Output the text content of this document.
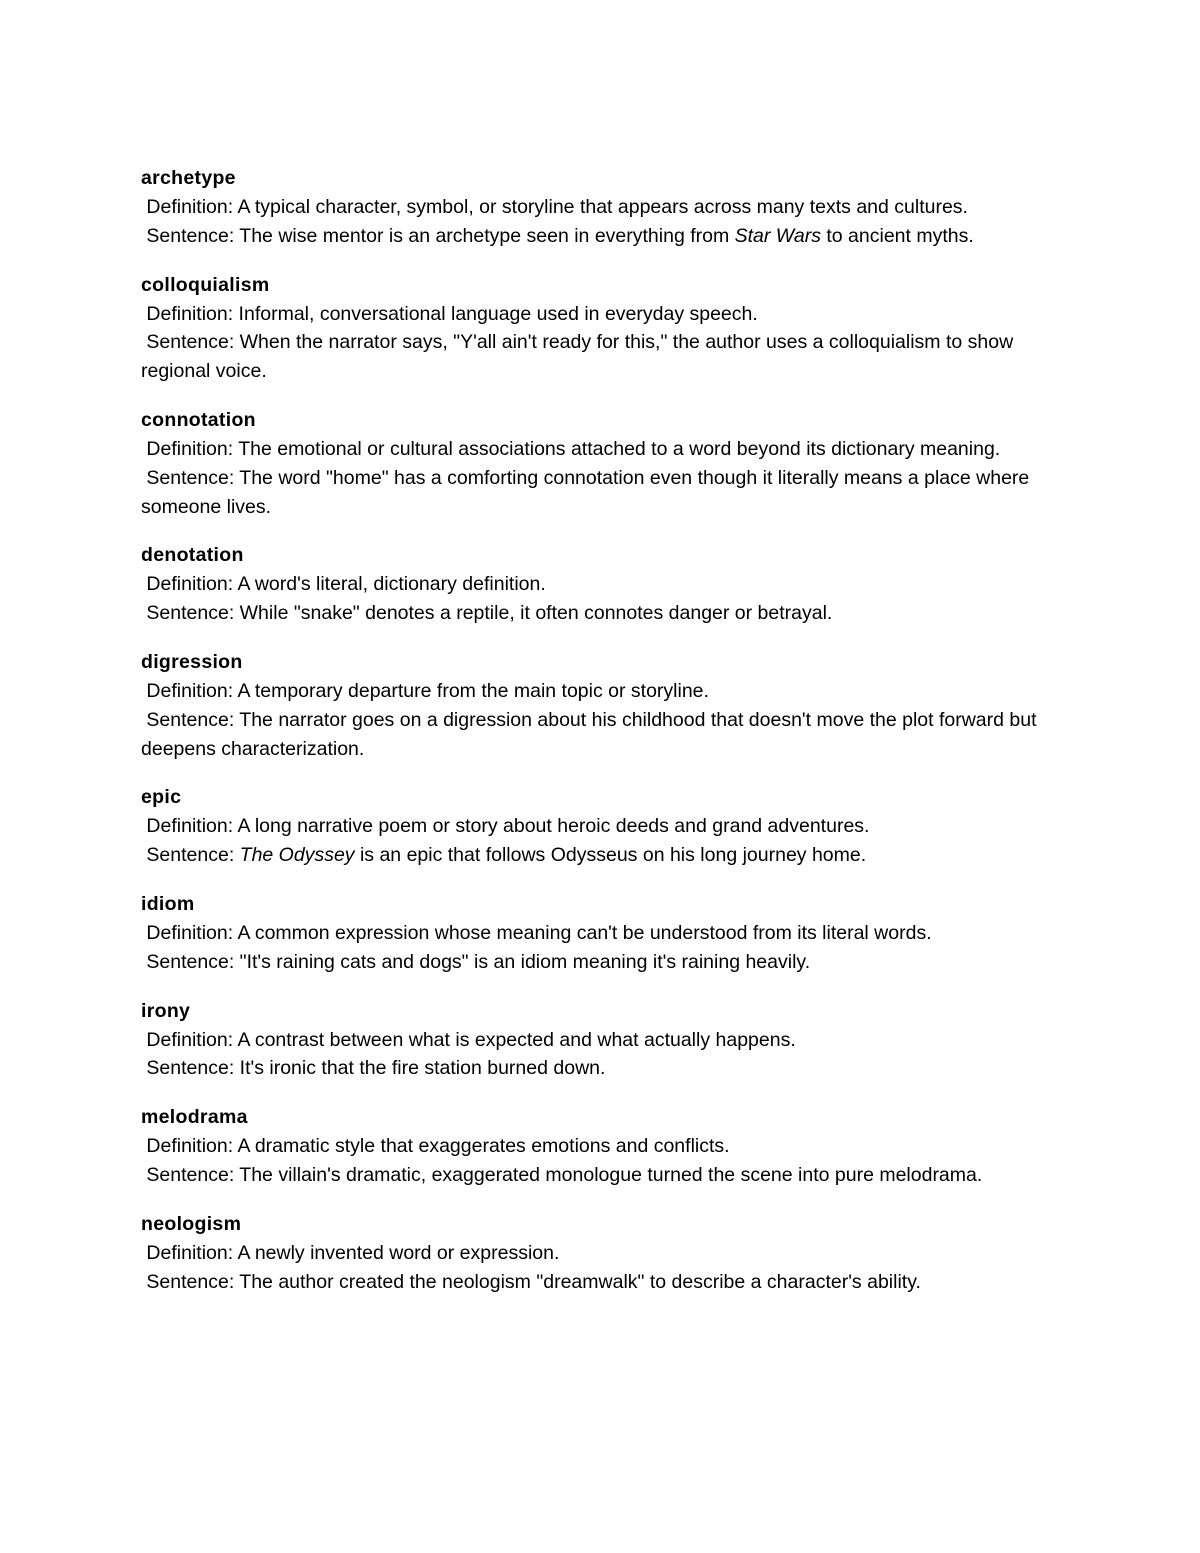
archetype
Definition: A typical character, symbol, or storyline that appears across many texts and cultures.
Sentence: The wise mentor is an archetype seen in everything from Star Wars to ancient myths.
colloquialism
Definition: Informal, conversational language used in everyday speech.
Sentence: When the narrator says, "Y'all ain't ready for this," the author uses a colloquialism to show regional voice.
connotation
Definition: The emotional or cultural associations attached to a word beyond its dictionary meaning.
Sentence: The word "home" has a comforting connotation even though it literally means a place where someone lives.
denotation
Definition: A word's literal, dictionary definition.
Sentence: While "snake" denotes a reptile, it often connotes danger or betrayal.
digression
Definition: A temporary departure from the main topic or storyline.
Sentence: The narrator goes on a digression about his childhood that doesn't move the plot forward but deepens characterization.
epic
Definition: A long narrative poem or story about heroic deeds and grand adventures.
Sentence: The Odyssey is an epic that follows Odysseus on his long journey home.
idiom
Definition: A common expression whose meaning can't be understood from its literal words.
Sentence: "It's raining cats and dogs" is an idiom meaning it's raining heavily.
irony
Definition: A contrast between what is expected and what actually happens.
Sentence: It's ironic that the fire station burned down.
melodrama
Definition: A dramatic style that exaggerates emotions and conflicts.
Sentence: The villain's dramatic, exaggerated monologue turned the scene into pure melodrama.
neologism
Definition: A newly invented word or expression.
Sentence: The author created the neologism "dreamwalk" to describe a character's ability.
